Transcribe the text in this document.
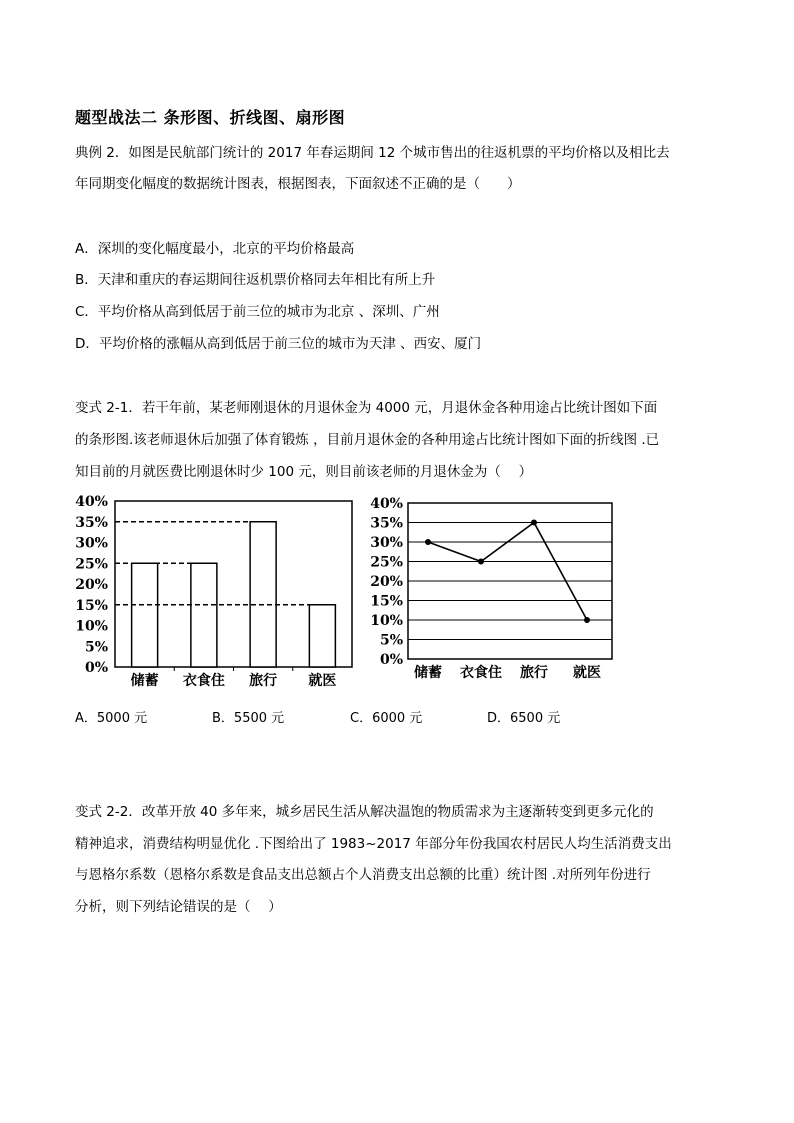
题型战法二 条形图、折线图、扇形图
典例 2．如图是民航部门统计的 2017 年春运期间 12 个城市售出的往返机票的平均价格以及相比去
年同期变化幅度的数据统计图表，根据图表，下面叙述不正确的是（　　）
A．深圳的变化幅度最小，北京的平均价格最高
B．天津和重庆的春运期间往返机票价格同去年相比有所上升
C．平均价格从高到低居于前三位的城市为北京 、深圳、广州
D．平均价格的涨幅从高到低居于前三位的城市为天津 、西安、厦门
变式 2-1．若干年前，某老师刚退休的月退休金为 4000 元，月退休金各种用途占比统计图如下面
的条形图.该老师退休后加强了体育锻炼 ，目前月退休金的各种用途占比统计图如下面的折线图 .已
知目前的月就医费比刚退休时少 100 元，则目前该老师的月退休金为（　 ）
0%
5%
10%
15%
20%
25%
30%
35%
40%
储蓄 衣食住 旅行 就医
0%
5%
10%
15%
20%
25%
30%
35%
40%
储蓄 衣食住 旅行 就医
A．5000 元	B．5500 元	C．6000 元	D．6500 元
变式 2-2．改革开放 40 多年来，城乡居民生活从解决温饱的物质需求为主逐渐转变到更多元化的
精神追求，消费结构明显优化 .下图给出了 1983~2017 年部分年份我国农村居民人均生活消费支出
与恩格尔系数（恩格尔系数是食品支出总额占个人消费支出总额的比重）统计图 .对所列年份进行
分析，则下列结论错误的是（　 ）
